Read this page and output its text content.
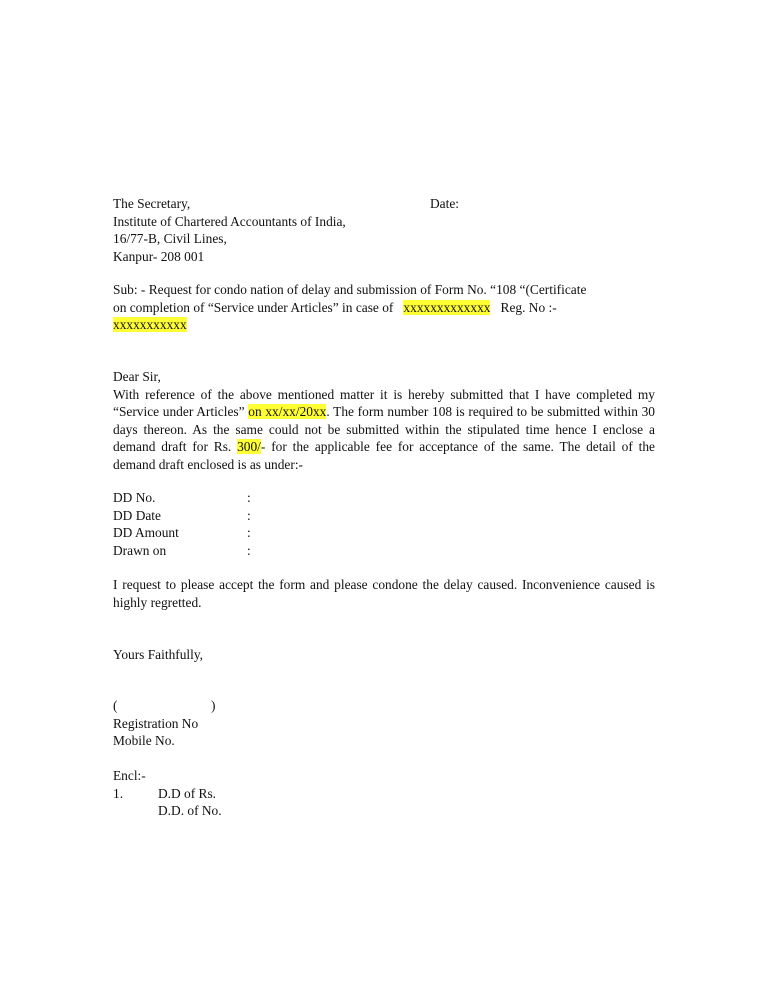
The Secretary,
Institute of Chartered Accountants of India,
16/77-B, Civil Lines,
Kanpur- 208 001
Date:
Sub: - Request for condo nation of delay and submission of Form No. “108 “(Certificate
on completion of “Service under Articles” in case of   xxxxxxxxxxxxx Reg. No :-
xxxxxxxxxxx
Dear Sir,
With reference of the above mentioned matter it is hereby submitted that I have completed my “Service under Articles” on xx/xx/20xx. The form number 108 is required to be submitted within 30 days thereon. As the same could not be submitted within the stipulated time hence I enclose a demand draft for Rs. 300/- for the applicable fee for acceptance of the same. The detail of the demand draft enclosed is as under:-
DD No.	:
DD Date	:
DD Amount	:
Drawn on	:
I request to please accept the form and please condone the delay caused. Inconvenience caused is highly regretted.
Yours Faithfully,
(	)
Registration No
Mobile No.
Encl:-
1.	D.D of Rs.
D.D. of No.
